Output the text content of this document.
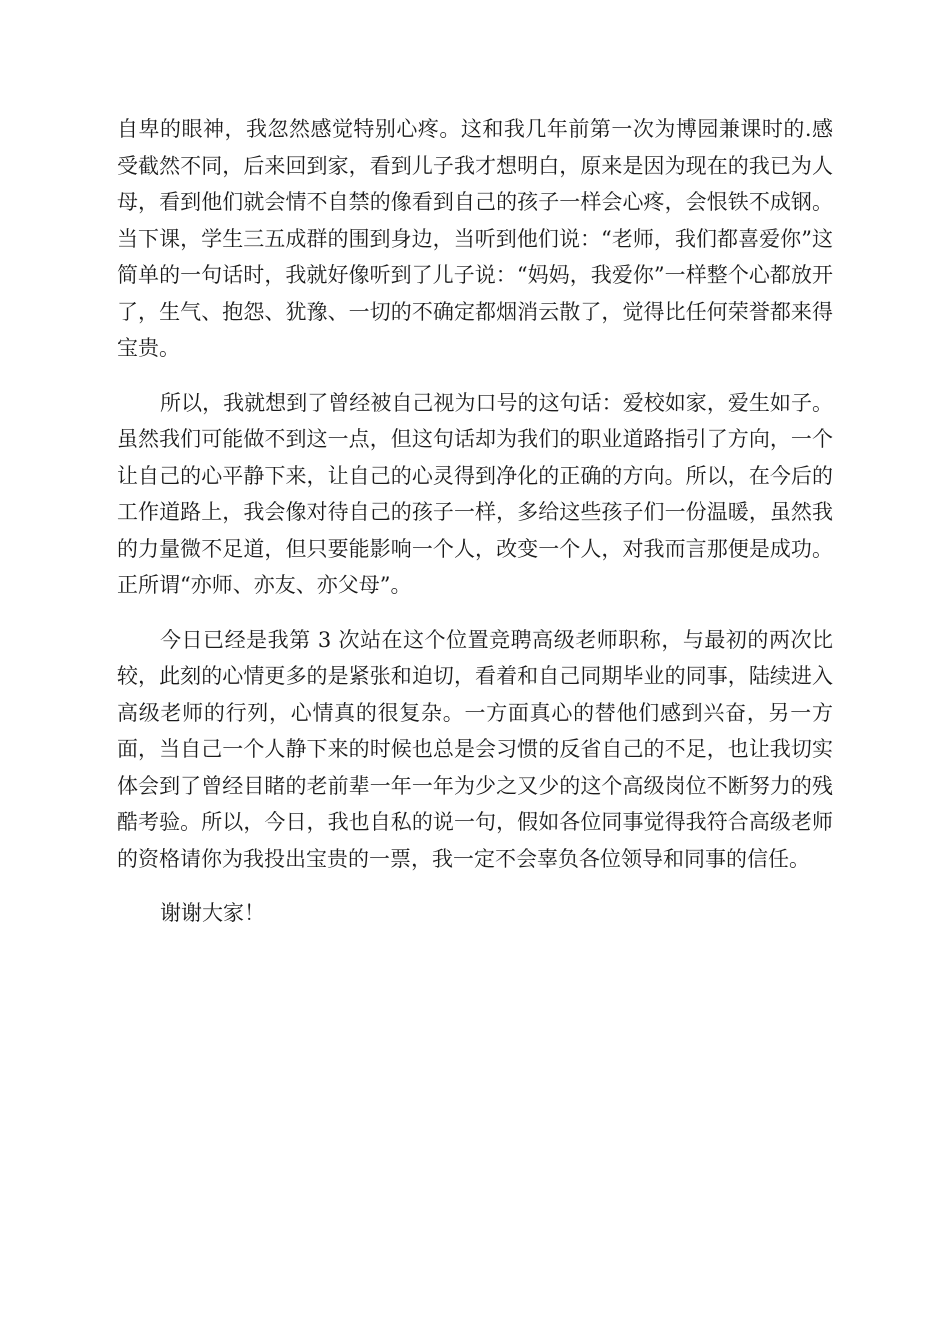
自卑的眼神，我忽然感觉特别心疼。这和我几年前第一次为博园兼课时的.感受截然不同，后来回到家，看到儿子我才想明白，原来是因为现在的我已为人母，看到他们就会情不自禁的像看到自己的孩子一样会心疼，会恨铁不成钢。当下课，学生三五成群的围到身边，当听到他们说：“老师，我们都喜爱你”这简单的一句话时，我就好像听到了儿子说：“妈妈，我爱你”一样整个心都放开了，生气、抱怨、犹豫、一切的不确定都烟消云散了，觉得比任何荣誉都来得宝贵。

所以，我就想到了曾经被自己视为口号的这句话：爱校如家，爱生如子。虽然我们可能做不到这一点，但这句话却为我们的职业道路指引了方向，一个让自己的心平静下来，让自己的心灵得到净化的正确的方向。所以，在今后的工作道路上，我会像对待自己的孩子一样，多给这些孩子们一份温暖，虽然我的力量微不足道，但只要能影响一个人，改变一个人，对我而言那便是成功。正所谓“亦师、亦友、亦父母”。

今日已经是我第 3 次站在这个位置竞聘高级老师职称，与最初的两次比较，此刻的心情更多的是紧张和迫切，看着和自己同期毕业的同事，陆续进入高级老师的行列，心情真的很复杂。一方面真心的替他们感到兴奋，另一方面，当自己一个人静下来的时候也总是会习惯的反省自己的不足，也让我切实体会到了曾经目睹的老前辈一年一年为少之又少的这个高级岗位不断努力的残酷考验。所以，今日，我也自私的说一句，假如各位同事觉得我符合高级老师的资格请你为我投出宝贵的一票，我一定不会辜负各位领导和同事的信任。

谢谢大家！
